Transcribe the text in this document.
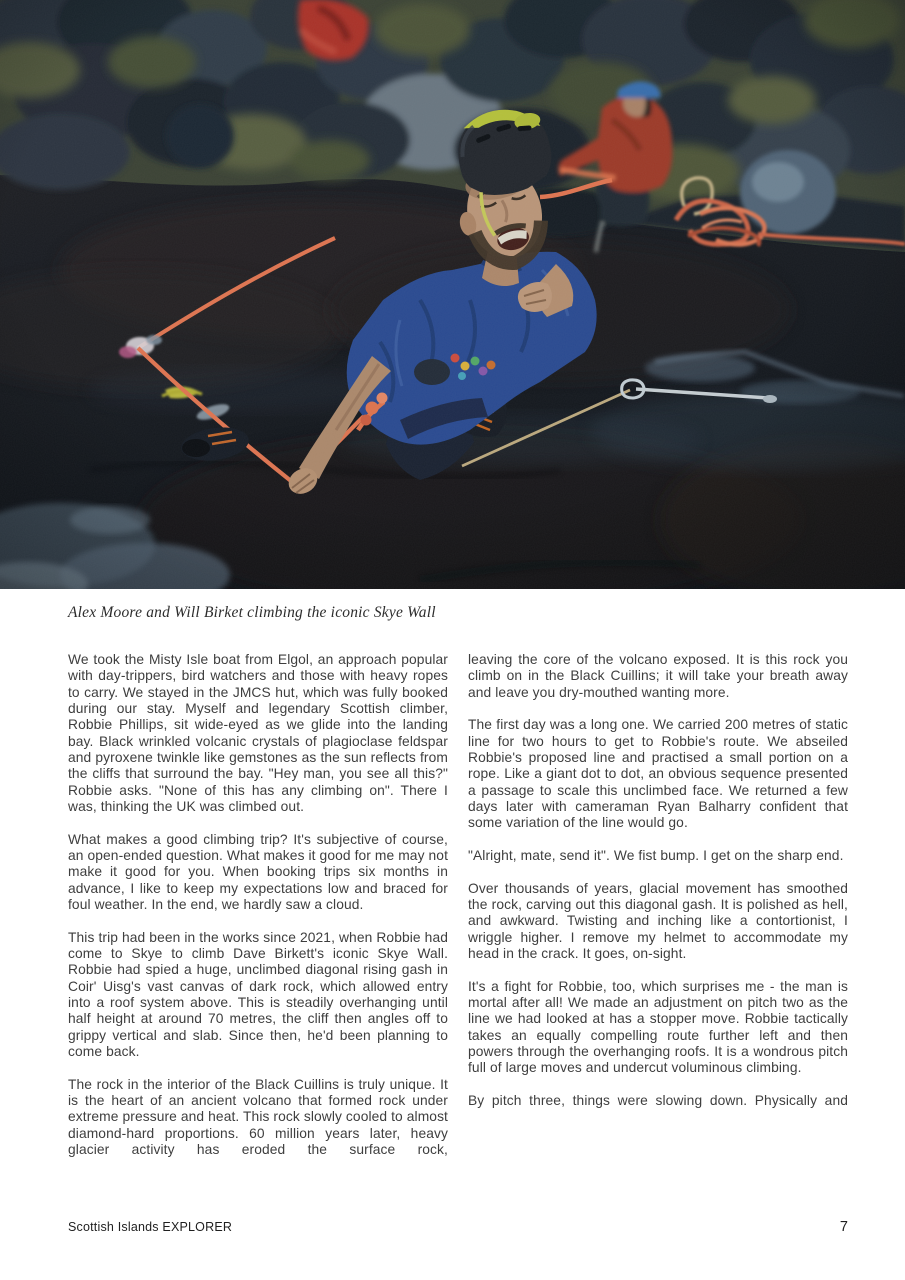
Alex Moore and Will Birket climbing the iconic Skye Wall

We took the Misty Isle boat from Elgol, an approach popular with day-trippers, bird watchers and those with heavy ropes to carry. We stayed in the JMCS hut, which was fully booked during our stay. Myself and legendary Scottish climber, Robbie Phillips, sit wide-eyed as we glide into the landing bay. Black wrinkled volcanic crystals of plagioclase feldspar and pyroxene twinkle like gemstones as the sun reflects from the cliffs that surround the bay. "Hey man, you see all this?" Robbie asks. "None of this has any climbing on". There I was, thinking the UK was climbed out.

What makes a good climbing trip? It's subjective of course, an open-ended question. What makes it good for me may not make it good for you. When booking trips six months in advance, I like to keep my expectations low and braced for foul weather. In the end, we hardly saw a cloud.

This trip had been in the works since 2021, when Robbie had come to Skye to climb Dave Birkett's iconic Skye Wall. Robbie had spied a huge, unclimbed diagonal rising gash in Coir' Uisg's vast canvas of dark rock, which allowed entry into a roof system above. This is steadily overhanging until half height at around 70 metres, the cliff then angles off to grippy vertical and slab. Since then, he'd been planning to come back.

The rock in the interior of the Black Cuillins is truly unique. It is the heart of an ancient volcano that formed rock under extreme pressure and heat. This rock slowly cooled to almost diamond-hard proportions. 60 million years later, heavy glacier activity has eroded the surface rock,

leaving the core of the volcano exposed. It is this rock you climb on in the Black Cuillins; it will take your breath away and leave you dry-mouthed wanting more.

The first day was a long one. We carried 200 metres of static line for two hours to get to Robbie's route. We abseiled Robbie's proposed line and practised a small portion on a rope. Like a giant dot to dot, an obvious sequence presented a passage to scale this unclimbed face. We returned a few days later with cameraman Ryan Balharry confident that some variation of the line would go.

"Alright, mate, send it". We fist bump. I get on the sharp end.

Over thousands of years, glacial movement has smoothed the rock, carving out this diagonal gash. It is polished as hell, and awkward. Twisting and inching like a contortionist, I wriggle higher. I remove my helmet to accommodate my head in the crack. It goes, on-sight.

It's a fight for Robbie, too, which surprises me - the man is mortal after all! We made an adjustment on pitch two as the line we had looked at has a stopper move. Robbie tactically takes an equally compelling route further left and then powers through the overhanging roofs. It is a wondrous pitch full of large moves and undercut voluminous climbing.

By pitch three, things were slowing down. Physically and

Scottish Islands EXPLORER	7
